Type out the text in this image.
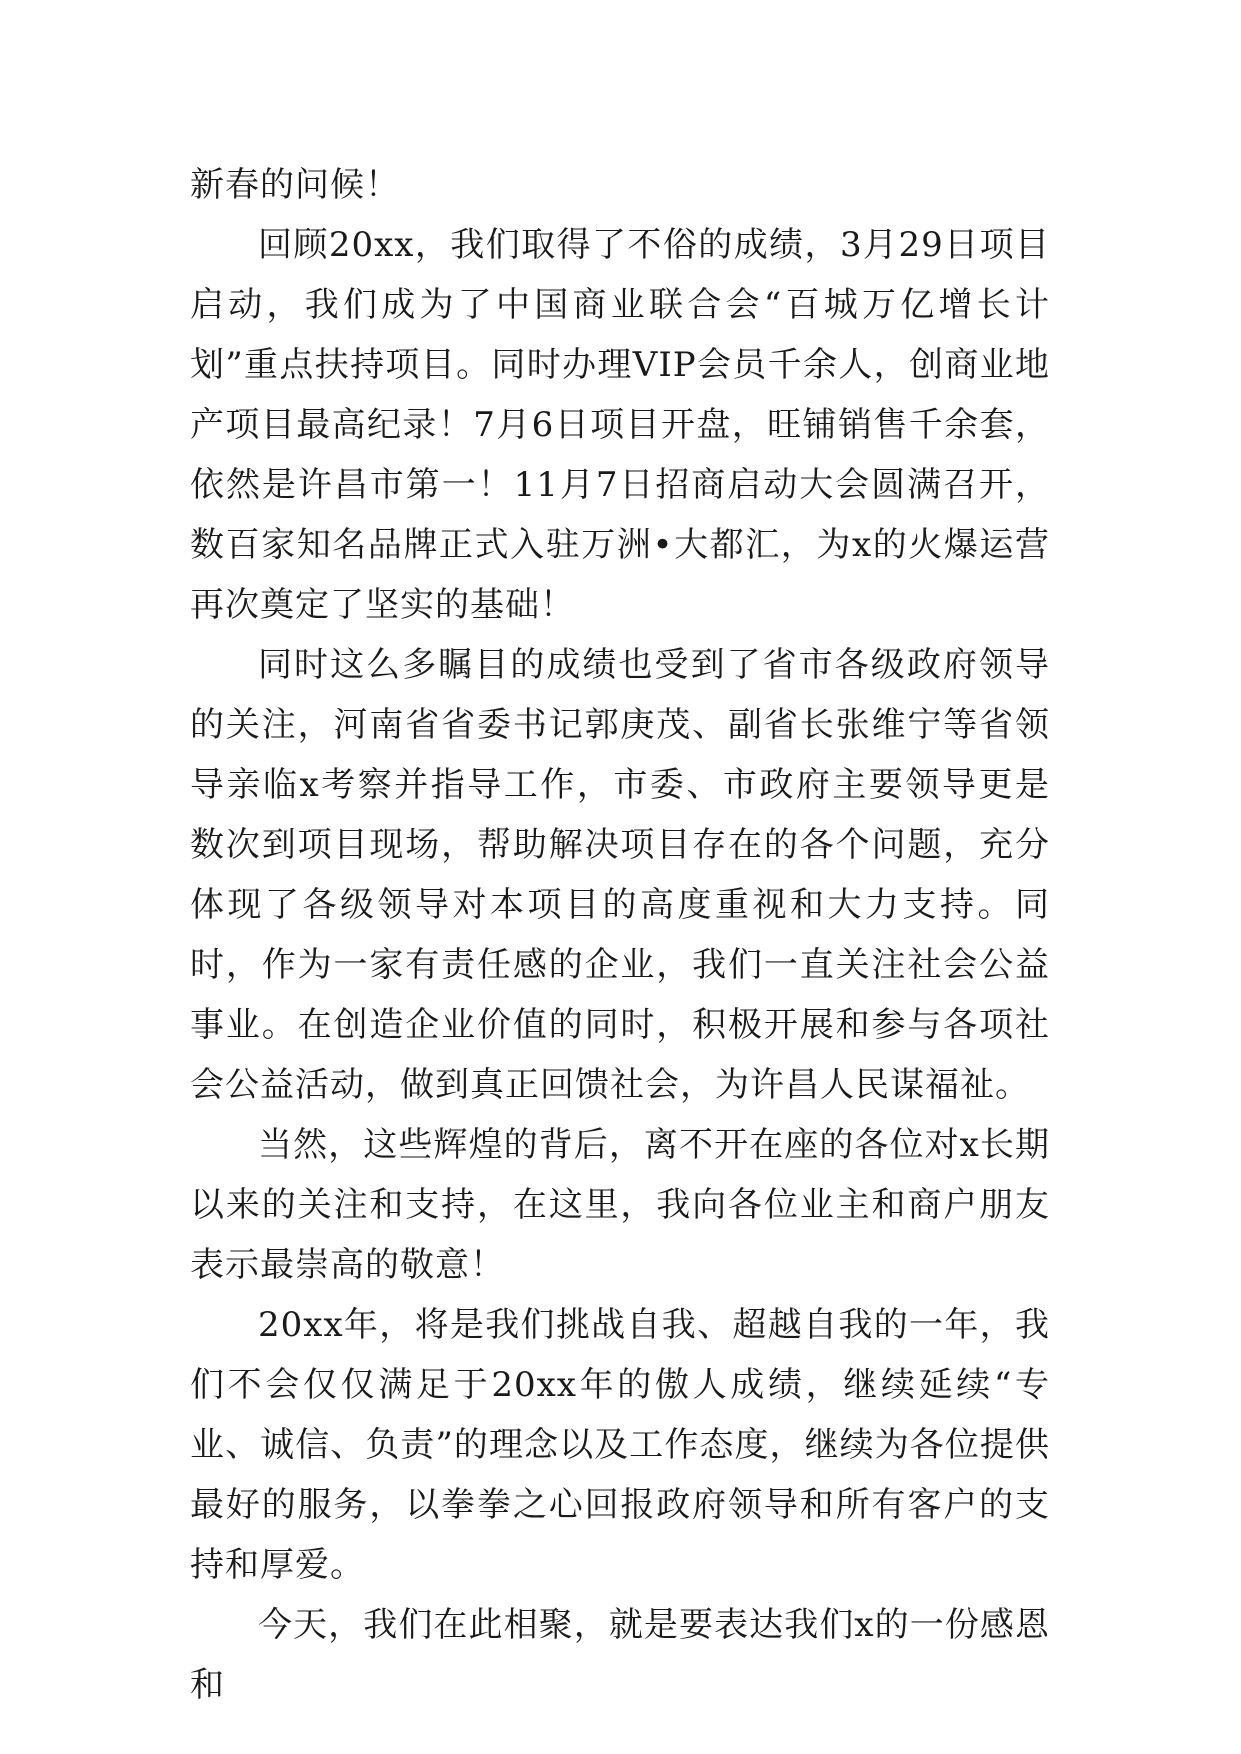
新春的问候！

回顾20xx，我们取得了不俗的成绩，3月29日项目启动，我们成为了中国商业联合会“百城万亿增长计划”重点扶持项目。同时办理VIP会员千余人，创商业地产项目最高纪录！7月6日项目开盘，旺铺销售千余套，依然是许昌市第一！11月7日招商启动大会圆满召开，数百家知名品牌正式入驻万洲•大都汇，为x的火爆运营再次奠定了坚实的基础！

同时这么多瞩目的成绩也受到了省市各级政府领导的关注，河南省省委书记郭庚茂、副省长张维宁等省领导亲临x考察并指导工作，市委、市政府主要领导更是数次到项目现场，帮助解决项目存在的各个问题，充分体现了各级领导对本项目的高度重视和大力支持。同时，作为一家有责任感的企业，我们一直关注社会公益事业。在创造企业价值的同时，积极开展和参与各项社会公益活动，做到真正回馈社会，为许昌人民谋福祉。

当然，这些辉煌的背后，离不开在座的各位对x长期以来的关注和支持，在这里，我向各位业主和商户朋友表示最崇高的敬意！

20xx年，将是我们挑战自我、超越自我的一年，我们不会仅仅满足于20xx年的傲人成绩，继续延续“专业、诚信、负责”的理念以及工作态度，继续为各位提供最好的服务，以拳拳之心回报政府领导和所有客户的支持和厚爱。

今天，我们在此相聚，就是要表达我们x的一份感恩和
